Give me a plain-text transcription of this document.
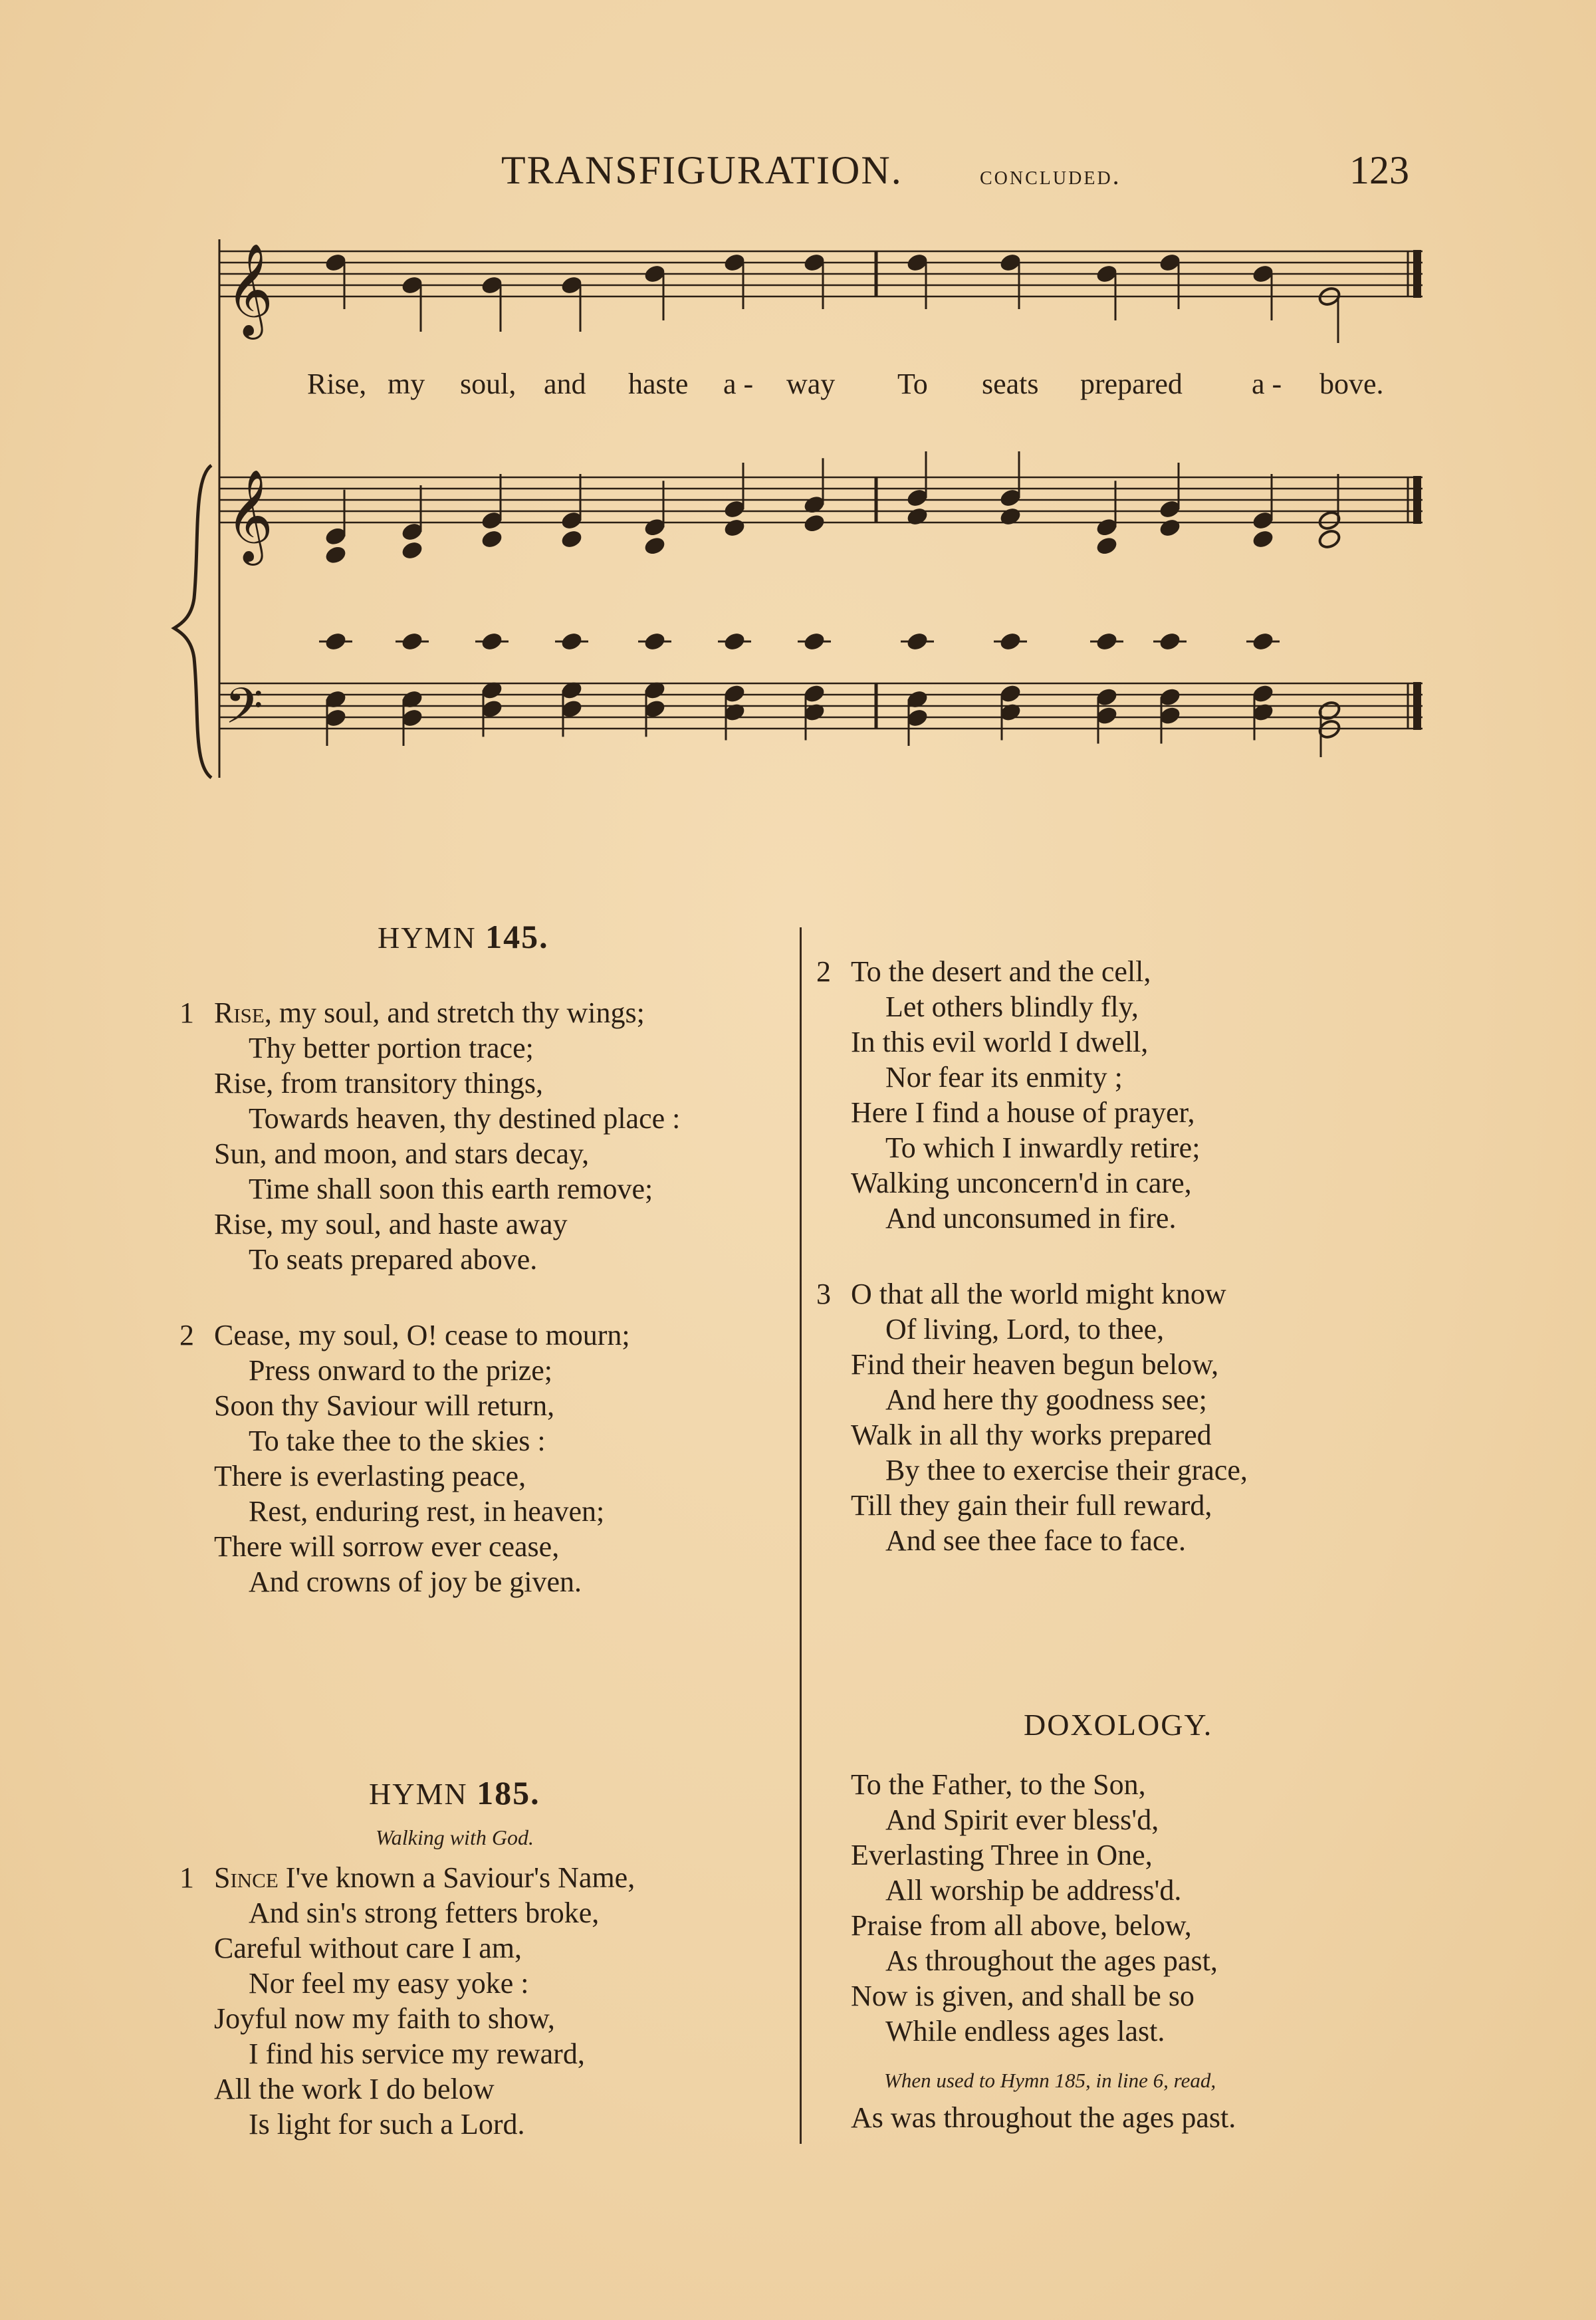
TRANSFIGURATION.	concluded.	123
𝄞
𝄞
𝄢
Rise, my soul, and haste a - way To seats prepared a - bove.
HYMN 145.
1 Rise, my soul, and stretch thy wings;
Thy better portion trace;
Rise, from transitory things,
Towards heaven, thy destined place :
Sun, and moon, and stars decay,
Time shall soon this earth remove;
Rise, my soul, and haste away
To seats prepared above.
2 Cease, my soul, O! cease to mourn;
Press onward to the prize;
Soon thy Saviour will return,
To take thee to the skies :
There is everlasting peace,
Rest, enduring rest, in heaven;
There will sorrow ever cease,
And crowns of joy be given.
HYMN 185.
Walking with God.
1 Since I've known a Saviour's Name,
And sin's strong fetters broke,
Careful without care I am,
Nor feel my easy yoke :
Joyful now my faith to show,
I find his service my reward,
All the work I do below
Is light for such a Lord.
2 To the desert and the cell,
Let others blindly fly,
In this evil world I dwell,
Nor fear its enmity ;
Here I find a house of prayer,
To which I inwardly retire;
Walking unconcern'd in care,
And unconsumed in fire.
3 O that all the world might know
Of living, Lord, to thee,
Find their heaven begun below,
And here thy goodness see;
Walk in all thy works prepared
By thee to exercise their grace,
Till they gain their full reward,
And see thee face to face.
DOXOLOGY.
To the Father, to the Son,
And Spirit ever bless'd,
Everlasting Three in One,
All worship be address'd.
Praise from all above, below,
As throughout the ages past,
Now is given, and shall be so
While endless ages last.
When used to Hymn 185, in line 6, read,
As was throughout the ages past.
